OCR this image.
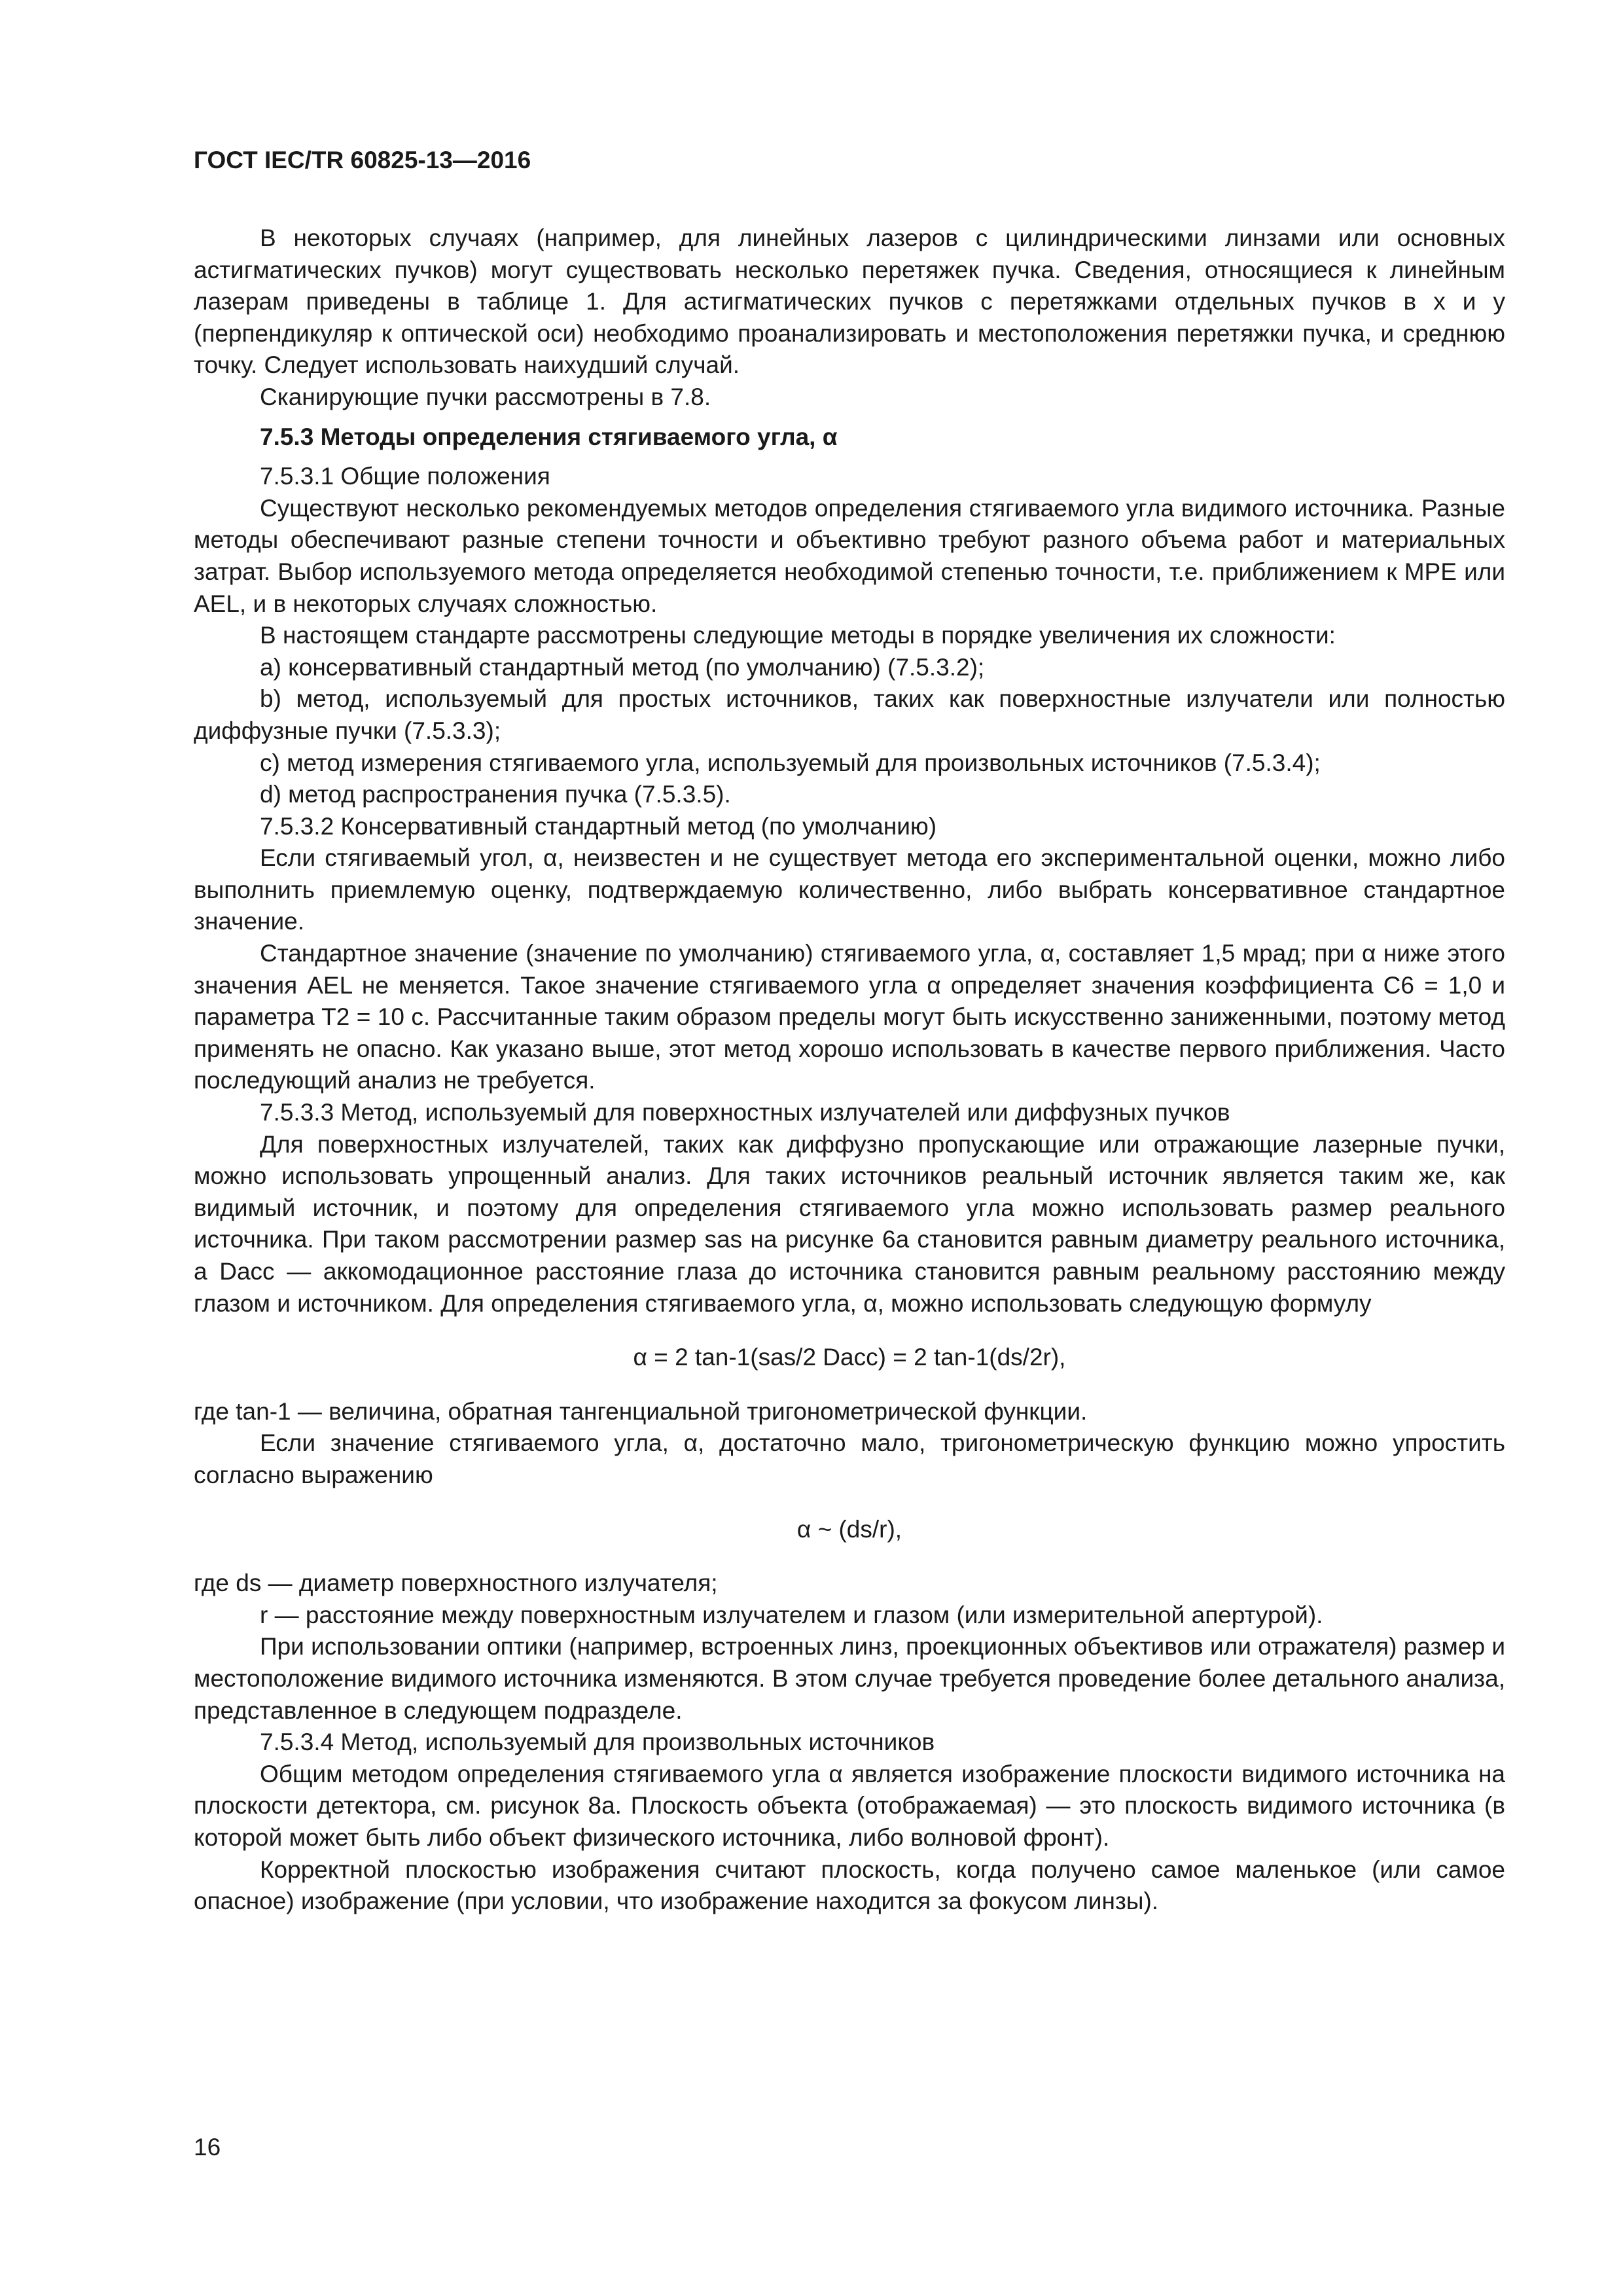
ГОСТ IEC/TR 60825-13—2016

В некоторых случаях (например, для линейных лазеров с цилиндрическими линзами или основных астигматических пучков) могут существовать несколько перетяжек пучка. Сведения, относящиеся к линейным лазерам приведены в таблице 1. Для астигматических пучков с перетяжками отдельных пучков в x и y (перпендикуляр к оптической оси) необходимо проанализировать и местоположения перетяжки пучка, и среднюю точку. Следует использовать наихудший случай.

Сканирующие пучки рассмотрены в 7.8.

7.5.3 Методы определения стягиваемого угла, α

7.5.3.1 Общие положения

Существуют несколько рекомендуемых методов определения стягиваемого угла видимого источника. Разные методы обеспечивают разные степени точности и объективно требуют разного объема работ и материальных затрат. Выбор используемого метода определяется необходимой степенью точности, т.е. приближением к MPE или AEL, и в некоторых случаях сложностью.

В настоящем стандарте рассмотрены следующие методы в порядке увеличения их сложности:

a) консервативный стандартный метод (по умолчанию) (7.5.3.2);

b) метод, используемый для простых источников, таких как поверхностные излучатели или полностью диффузные пучки (7.5.3.3);

c) метод измерения стягиваемого угла, используемый для произвольных источников (7.5.3.4);

d) метод распространения пучка (7.5.3.5).

7.5.3.2 Консервативный стандартный метод (по умолчанию)

Если стягиваемый угол, α, неизвестен и не существует метода его экспериментальной оценки, можно либо выполнить приемлемую оценку, подтверждаемую количественно, либо выбрать консервативное стандартное значение.

Стандартное значение (значение по умолчанию) стягиваемого угла, α, составляет 1,5 мрад; при α ниже этого значения AEL не меняется. Такое значение стягиваемого угла α определяет значения коэффициента C6 = 1,0 и параметра T2 = 10 с. Рассчитанные таким образом пределы могут быть искусственно заниженными, поэтому метод применять не опасно. Как указано выше, этот метод хорошо использовать в качестве первого приближения. Часто последующий анализ не требуется.

7.5.3.3 Метод, используемый для поверхностных излучателей или диффузных пучков

Для поверхностных излучателей, таких как диффузно пропускающие или отражающие лазерные пучки, можно использовать упрощенный анализ. Для таких источников реальный источник является таким же, как видимый источник, и поэтому для определения стягиваемого угла можно использовать размер реального источника. При таком рассмотрении размер sas на рисунке 6а становится равным диаметру реального источника, а Dacc — аккомодационное расстояние глаза до источника становится равным реальному расстоянию между глазом и источником. Для определения стягиваемого угла, α, можно использовать следующую формулу

α = 2 tan-1(sas/2 Dacc) = 2 tan-1(ds/2r),

где tan-1 — величина, обратная тангенциальной тригонометрической функции.

Если значение стягиваемого угла, α, достаточно мало, тригонометрическую функцию можно упростить согласно выражению

α ~ (ds/r),

где ds — диаметр поверхностного излучателя;

r — расстояние между поверхностным излучателем и глазом (или измерительной апертурой).

При использовании оптики (например, встроенных линз, проекционных объективов или отражателя) размер и местоположение видимого источника изменяются. В этом случае требуется проведение более детального анализа, представленное в следующем подразделе.

7.5.3.4 Метод, используемый для произвольных источников

Общим методом определения стягиваемого угла α является изображение плоскости видимого источника на плоскости детектора, см. рисунок 8а. Плоскость объекта (отображаемая) — это плоскость видимого источника (в которой может быть либо объект физического источника, либо волновой фронт).

Корректной плоскостью изображения считают плоскость, когда получено самое маленькое (или самое опасное) изображение (при условии, что изображение находится за фокусом линзы).

16
